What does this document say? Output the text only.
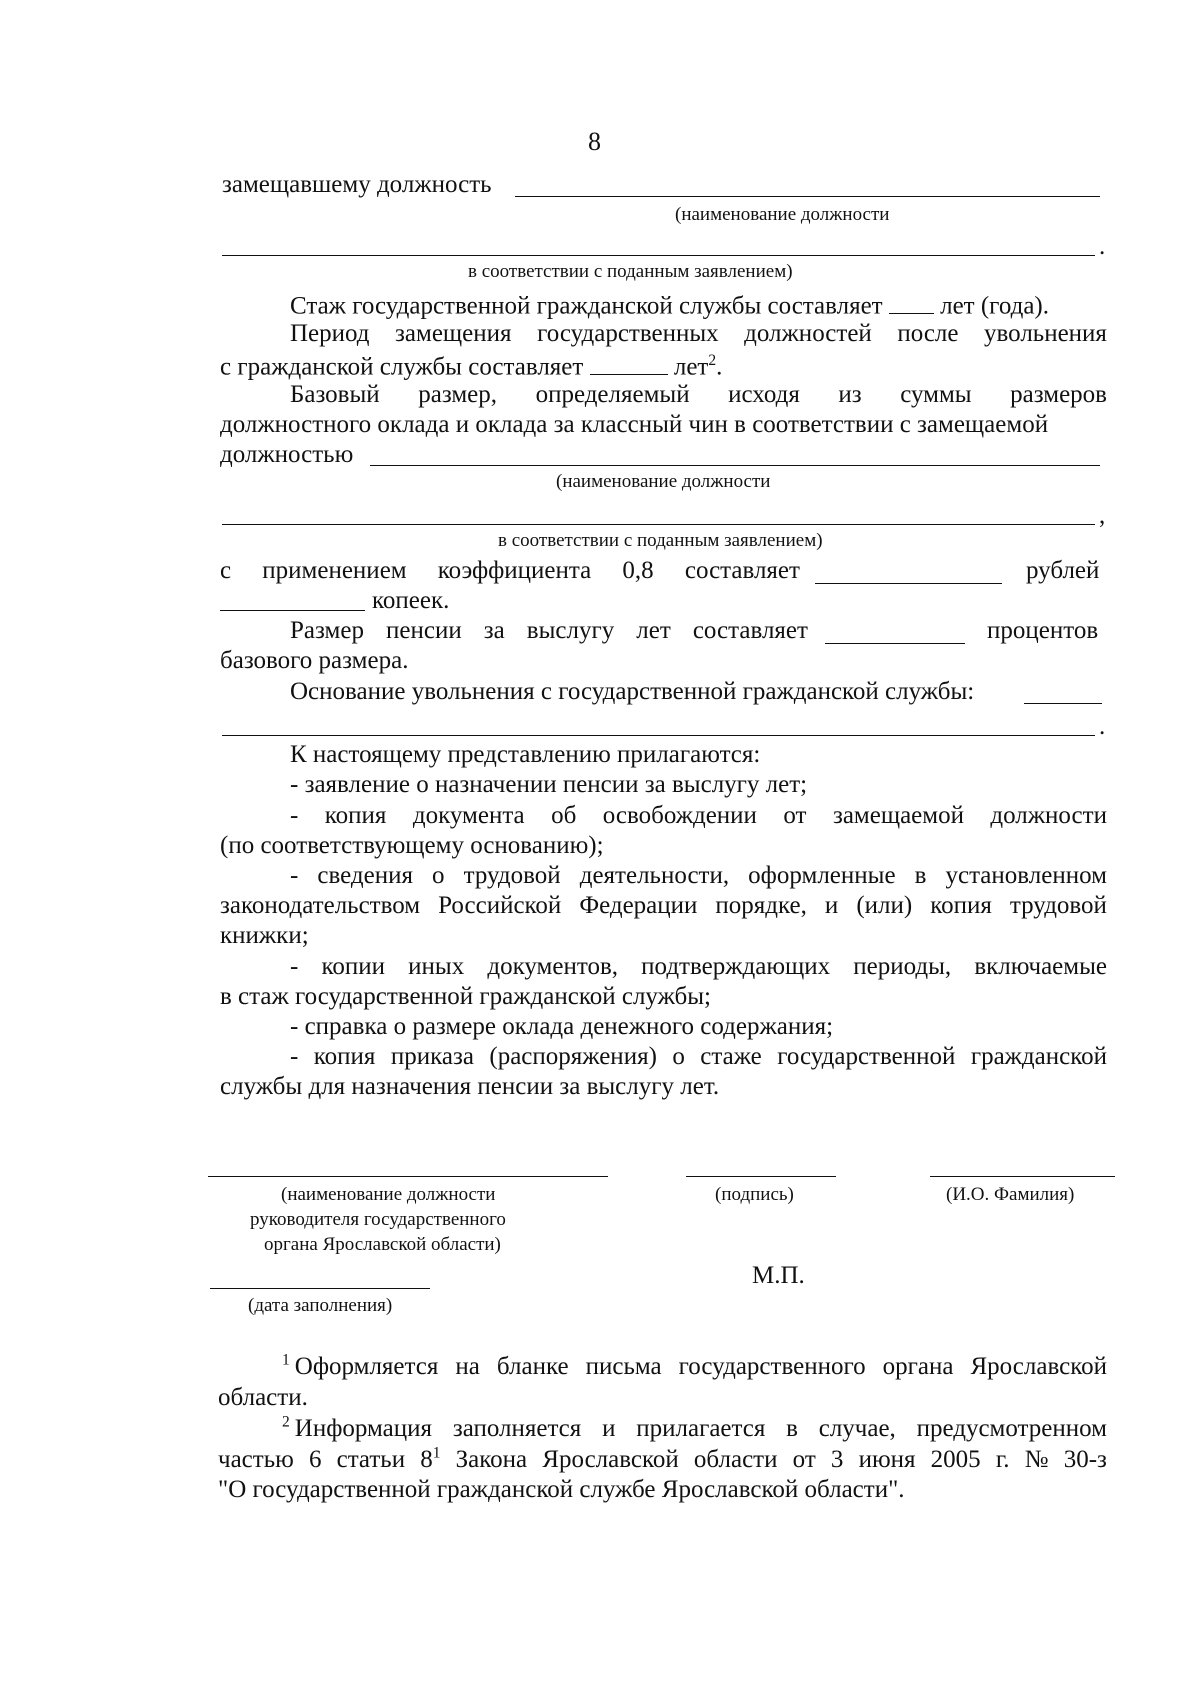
8
замещавшему должность
(наименование должности
.
в соответствии с поданным заявлением)
Стаж государственной гражданской службы составляет лет (года).
Период замещения государственных должностей после увольнения
с гражданской службы составляет	лет$^2$.
Базовый размер, определяемый исходя из суммы размеров
должностного оклада и оклада за классный чин в соответствии с замещаемой
должностью
(наименование должности
,
в соответствии с поданным заявлением)
с применением коэффициента 0,8 составляет	рублей
копеек.
Размер пенсии за выслугу лет составляет	процентов
базового размера.
Основание увольнения с государственной гражданской службы:
.
К настоящему представлению прилагаются:
- заявление о назначении пенсии за выслугу лет;
- копия документа об освобождении от замещаемой должности
(по соответствующему основанию);
- сведения о трудовой деятельности, оформленные в установленном
законодательством Российской Федерации порядке, и (или) копия трудовой
книжки;
- копии иных документов, подтверждающих периоды, включаемые
в стаж государственной гражданской службы;
- справка о размере оклада денежного содержания;
- копия приказа (распоряжения) о стаже государственной гражданской
службы для назначения пенсии за выслугу лет.
(наименование должности
руководителя государственного
органа Ярославской области)
(подпись)	(И.О. Фамилия)
М.П.
(дата заполнения)
$^1$  Оформляется на бланке письма государственного органа Ярославской
области.
$^2$  Информация заполняется и прилагается в случае, предусмотренном
частью 6 статьи $8^1$ Закона Ярославской области от 3 июня 2005 г. № 30-з
"О государственной гражданской службе Ярославской области".
